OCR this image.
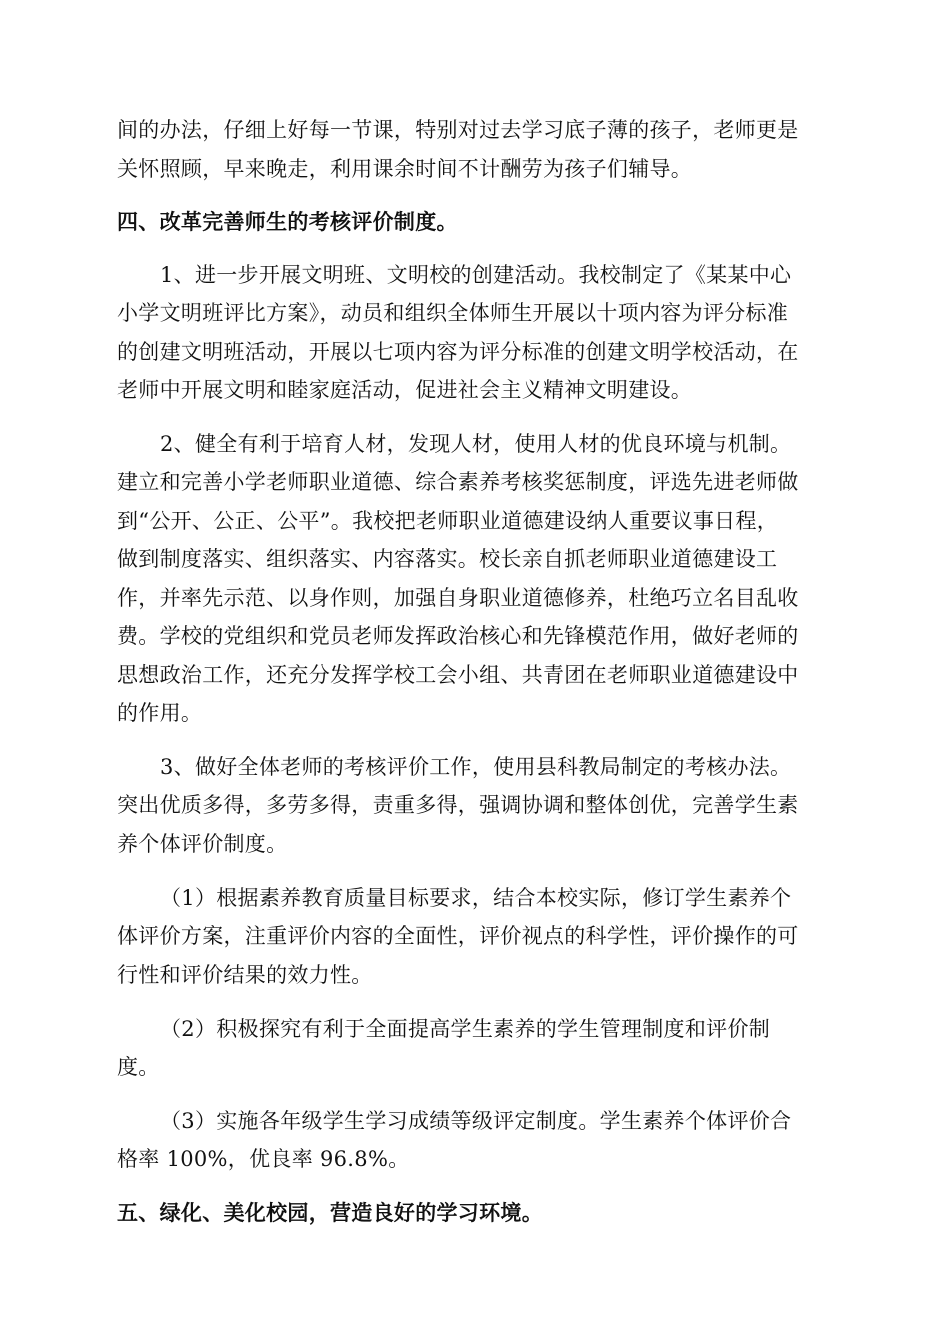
间的办法，仔细上好每一节课，特别对过去学习底子薄的孩子，老师更是
关怀照顾，早来晚走，利用课余时间不计酬劳为孩子们辅导。
四、改革完善师生的考核评价制度。
1、进一步开展文明班、文明校的创建活动。我校制定了《某某中心
小学文明班评比方案》，动员和组织全体师生开展以十项内容为评分标准
的创建文明班活动，开展以七项内容为评分标准的创建文明学校活动，在
老师中开展文明和睦家庭活动，促进社会主义精神文明建设。
2、健全有利于培育人材，发现人材，使用人材的优良环境与机制。
建立和完善小学老师职业道德、综合素养考核奖惩制度，评选先进老师做
到“公开、公正、公平”。我校把老师职业道德建设纳人重要议事日程，
做到制度落实、组织落实、内容落实。校长亲自抓老师职业道德建设工
作，并率先示范、以身作则，加强自身职业道德修养，杜绝巧立名目乱收
费。学校的党组织和党员老师发挥政治核心和先锋模范作用，做好老师的
思想政治工作，还充分发挥学校工会小组、共青团在老师职业道德建设中
的作用。
3、做好全体老师的考核评价工作，使用县科教局制定的考核办法。
突出优质多得，多劳多得，责重多得，强调协调和整体创优，完善学生素
养个体评价制度。
（1）根据素养教育质量目标要求，结合本校实际，修订学生素养个
体评价方案，注重评价内容的全面性，评价视点的科学性，评价操作的可
行性和评价结果的效力性。
（2）积极探究有利于全面提高学生素养的学生管理制度和评价制
度。
（3）实施各年级学生学习成绩等级评定制度。学生素养个体评价合
格率 100%，优良率 96.8%。
五、绿化、美化校园，营造良好的学习环境。
